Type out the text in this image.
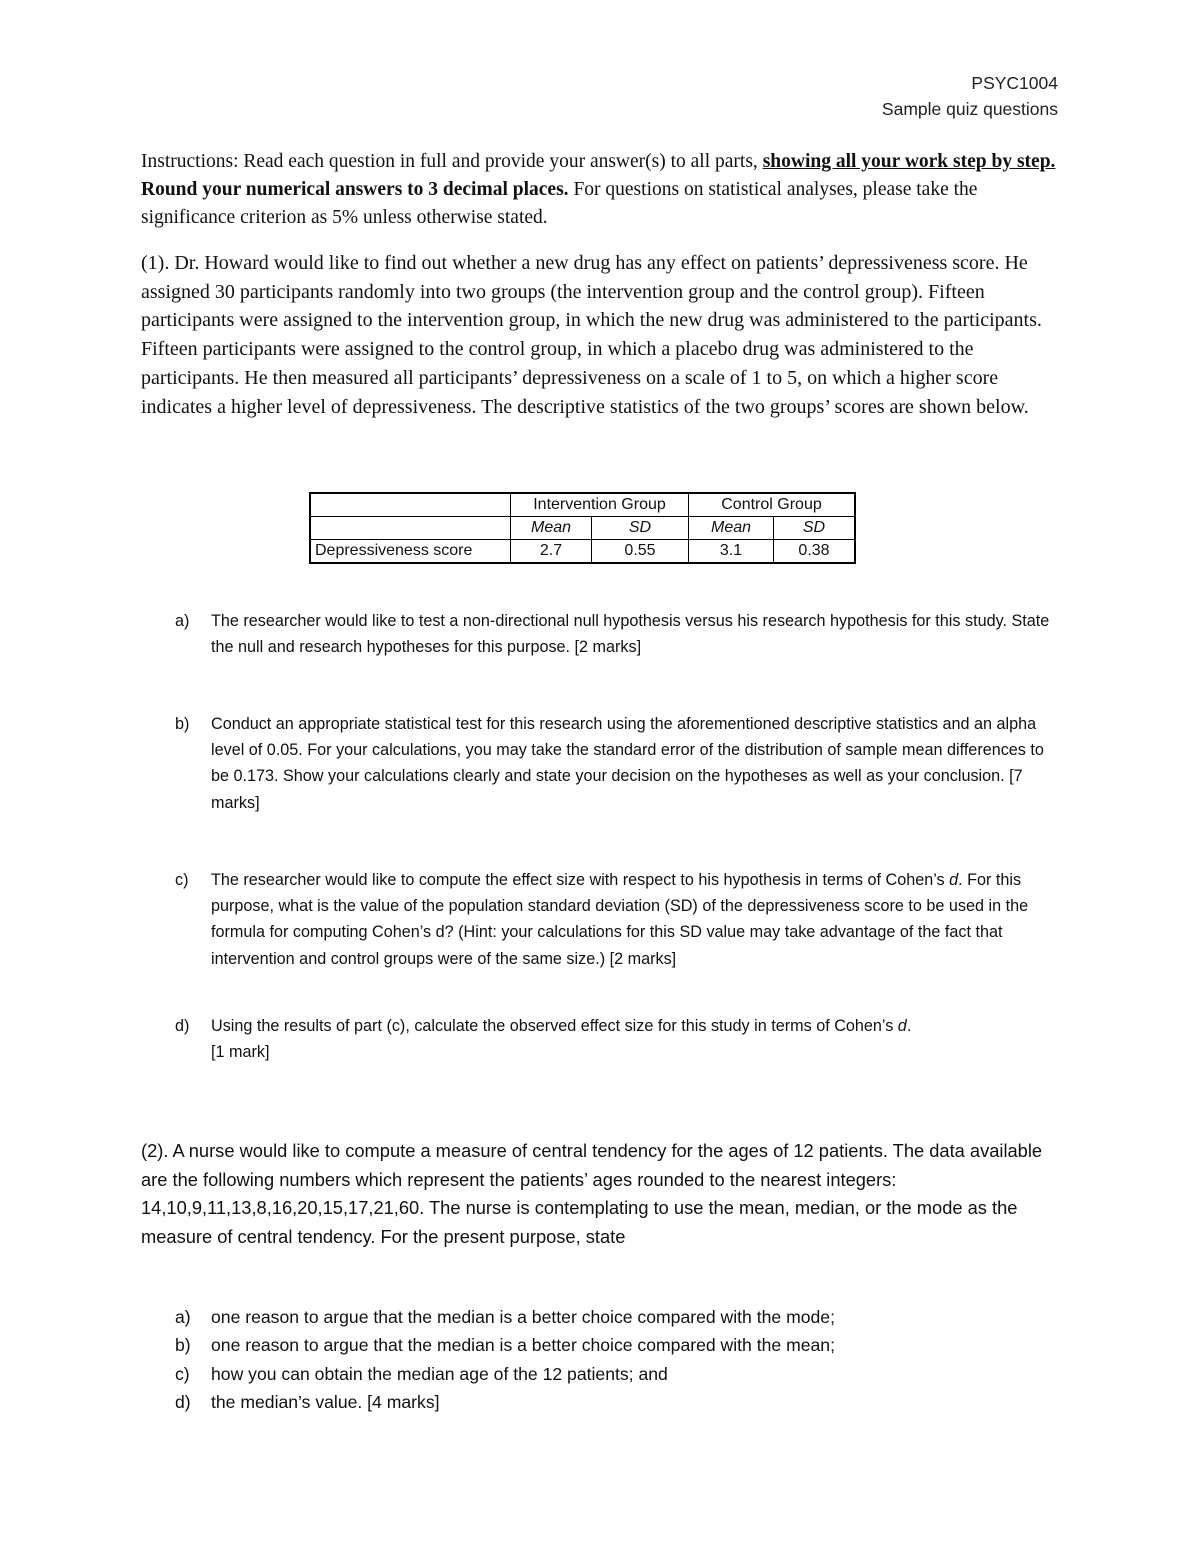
PSYC1004
Sample quiz questions
Instructions: Read each question in full and provide your answer(s) to all parts, showing all your work step by step. Round your numerical answers to 3 decimal places. For questions on statistical analyses, please take the significance criterion as 5% unless otherwise stated.
(1). Dr. Howard would like to find out whether a new drug has any effect on patients’ depressiveness score. He assigned 30 participants randomly into two groups (the intervention group and the control group). Fifteen participants were assigned to the intervention group, in which the new drug was administered to the participants. Fifteen participants were assigned to the control group, in which a placebo drug was administered to the participants. He then measured all participants’ depressiveness on a scale of 1 to 5, on which a higher score indicates a higher level of depressiveness. The descriptive statistics of the two groups’ scores are shown below.
	Intervention Group		Control Group	
	Mean	SD	Mean	SD
Depressiveness score	2.7	0.55	3.1	0.38
a) The researcher would like to test a non-directional null hypothesis versus his research hypothesis for this study. State the null and research hypotheses for this purpose. [2 marks]
b) Conduct an appropriate statistical test for this research using the aforementioned descriptive statistics and an alpha level of 0.05. For your calculations, you may take the standard error of the distribution of sample mean differences to be 0.173. Show your calculations clearly and state your decision on the hypotheses as well as your conclusion. [7 marks]
c) The researcher would like to compute the effect size with respect to his hypothesis in terms of Cohen’s d. For this purpose, what is the value of the population standard deviation (SD) of the depressiveness score to be used in the formula for computing Cohen’s d? (Hint: your calculations for this SD value may take advantage of the fact that intervention and control groups were of the same size.) [2 marks]
d) Using the results of part (c), calculate the observed effect size for this study in terms of Cohen’s d.
[1 mark]
(2). A nurse would like to compute a measure of central tendency for the ages of 12 patients. The data available are the following numbers which represent the patients’ ages rounded to the nearest integers: 14,10,9,11,13,8,16,20,15,17,21,60. The nurse is contemplating to use the mean, median, or the mode as the measure of central tendency. For the present purpose, state
a) one reason to argue that the median is a better choice compared with the mode;
b) one reason to argue that the median is a better choice compared with the mean;
c) how you can obtain the median age of the 12 patients; and
d) the median’s value. [4 marks]
